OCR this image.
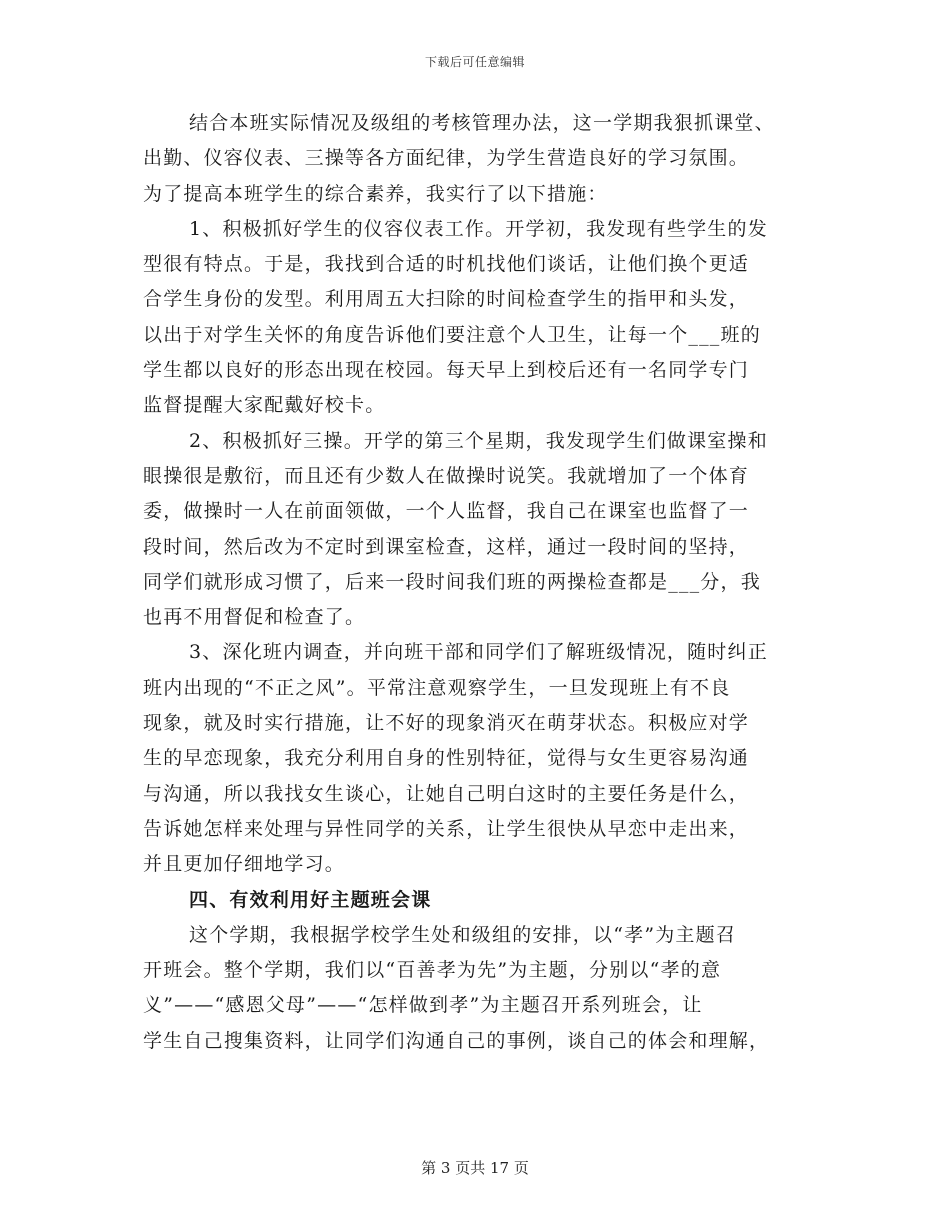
下载后可任意编辑
结合本班实际情况及级组的考核管理办法，这一学期我狠抓课堂、
出勤、仪容仪表、三操等各方面纪律，为学生营造良好的学习氛围。
为了提高本班学生的综合素养，我实行了以下措施：
1、积极抓好学生的仪容仪表工作。开学初，我发现有些学生的发
型很有特点。于是，我找到合适的时机找他们谈话，让他们换个更适
合学生身份的发型。利用周五大扫除的时间检查学生的指甲和头发，
以出于对学生关怀的角度告诉他们要注意个人卫生，让每一个___班的
学生都以良好的形态出现在校园。每天早上到校后还有一名同学专门
监督提醒大家配戴好校卡。
2、积极抓好三操。开学的第三个星期，我发现学生们做课室操和
眼操很是敷衍，而且还有少数人在做操时说笑。我就增加了一个体育
委，做操时一人在前面领做，一个人监督，我自己在课室也监督了一
段时间，然后改为不定时到课室检查，这样，通过一段时间的坚持，
同学们就形成习惯了，后来一段时间我们班的两操检查都是___分，我
也再不用督促和检查了。
3、深化班内调查，并向班干部和同学们了解班级情况，随时纠正
班内出现的“不正之风”。平常注意观察学生，一旦发现班上有不良
现象，就及时实行措施，让不好的现象消灭在萌芽状态。积极应对学
生的早恋现象，我充分利用自身的性别特征，觉得与女生更容易沟通
与沟通，所以我找女生谈心，让她自己明白这时的主要任务是什么，
告诉她怎样来处理与异性同学的关系，让学生很快从早恋中走出来，
并且更加仔细地学习。
四、有效利用好主题班会课
这个学期，我根据学校学生处和级组的安排，以“孝”为主题召
开班会。整个学期，我们以“百善孝为先”为主题，分别以“孝的意
义”——“感恩父母”——“怎样做到孝”为主题召开系列班会，让
学生自己搜集资料，让同学们沟通自己的事例，谈自己的体会和理解，
第 3 页共 17 页
